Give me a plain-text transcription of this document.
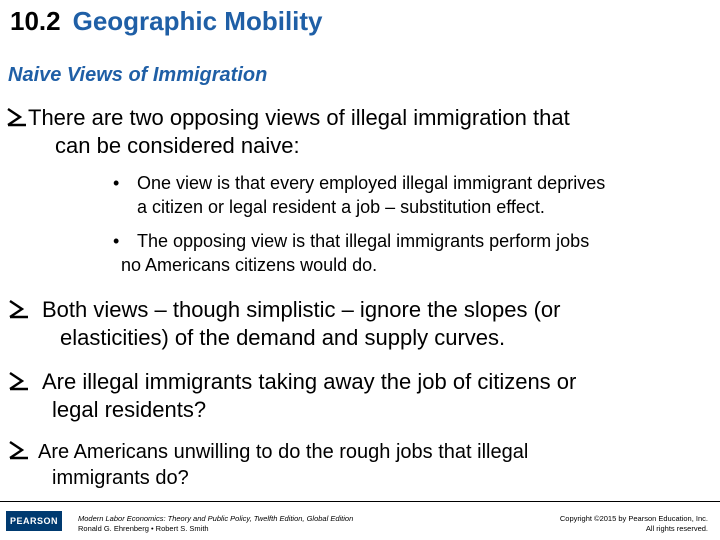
10.2 Geographic Mobility
Naive Views of Immigration
There are two opposing views of illegal immigration that
can be considered naive:
• One view is that every employed illegal immigrant deprives
a citizen or legal resident a job – substitution effect.
• The opposing view is that illegal immigrants perform jobs
no Americans citizens would do.
Both views – though simplistic – ignore the slopes (or
elasticities) of the demand and supply curves.
Are illegal immigrants taking away the job of citizens or
legal residents?
Are Americans unwilling to do the rough jobs that illegal
immigrants do?
PEARSON	Modern Labor Economics: Theory and Public Policy, Twelfth Edition, Global Edition
Ronald G. Ehrenberg • Robert S. Smith
Copyright ©2015 by Pearson Education, Inc.
All rights reserved.
